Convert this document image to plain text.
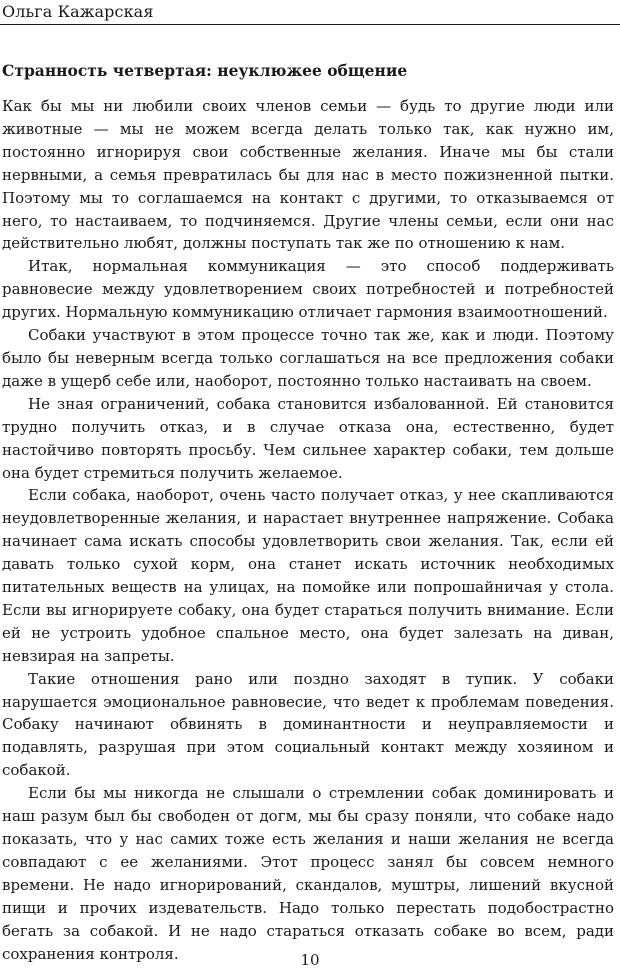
Ольга Кажарская
Странность четвертая: неуклюжее общение

Как бы мы ни любили своих членов семьи — будь то другие люди или животные — мы не можем всегда делать только так, как нужно им, постоянно игнорируя свои собственные желания. Иначе мы бы стали нервными, а семья превратилась бы для нас в место пожизненной пытки. Поэтому мы то соглашаемся на контакт с другими, то отказываемся от него, то настаиваем, то подчиняемся. Другие члены семьи, если они нас действительно любят, должны поступать так же по отношению к нам.

Итак, нормальная коммуникация — это способ поддерживать равновесие между удовлетворением своих потребностей и потребностей других. Нормальную коммуникацию отличает гармония взаимоотношений.

Собаки участвуют в этом процессе точно так же, как и люди. Поэтому было бы неверным всегда только соглашаться на все предложения собаки даже в ущерб себе или, наоборот, постоянно только настаивать на своем.

Не зная ограничений, собака становится избалованной. Ей становится трудно получить отказ, и в случае отказа она, естественно, будет настойчиво повторять просьбу. Чем сильнее характер собаки, тем дольше она будет стремиться получить желаемое.

Если собака, наоборот, очень часто получает отказ, у нее скапливаются неудовлетворенные желания, и нарастает внутреннее напряжение. Собака начинает сама искать способы удовлетворить свои желания. Так, если ей давать только сухой корм, она станет искать источник необходимых питательных веществ на улицах, на помойке или попрошайничая у стола. Если вы игнорируете собаку, она будет стараться получить внимание. Если ей не устроить удобное спальное место, она будет залезать на диван, невзирая на запреты.

Такие отношения рано или поздно заходят в тупик. У собаки нарушается эмоциональное равновесие, что ведет к проблемам поведения. Собаку начинают обвинять в доминантности и неуправляемости и подавлять, разрушая при этом социальный контакт между хозяином и собакой.

Если бы мы никогда не слышали о стремлении собак доминировать и наш разум был бы свободен от догм, мы бы сразу поняли, что собаке надо показать, что у нас самих тоже есть желания и наши желания не всегда совпадают с ее желаниями. Этот процесс занял бы совсем немного времени. Не надо игнорирований, скандалов, муштры, лишений вкусной пищи и прочих издевательств. Надо только перестать подобострастно бегать за собакой. И не надо стараться отказать собаке во всем, ради сохранения контроля.	10
